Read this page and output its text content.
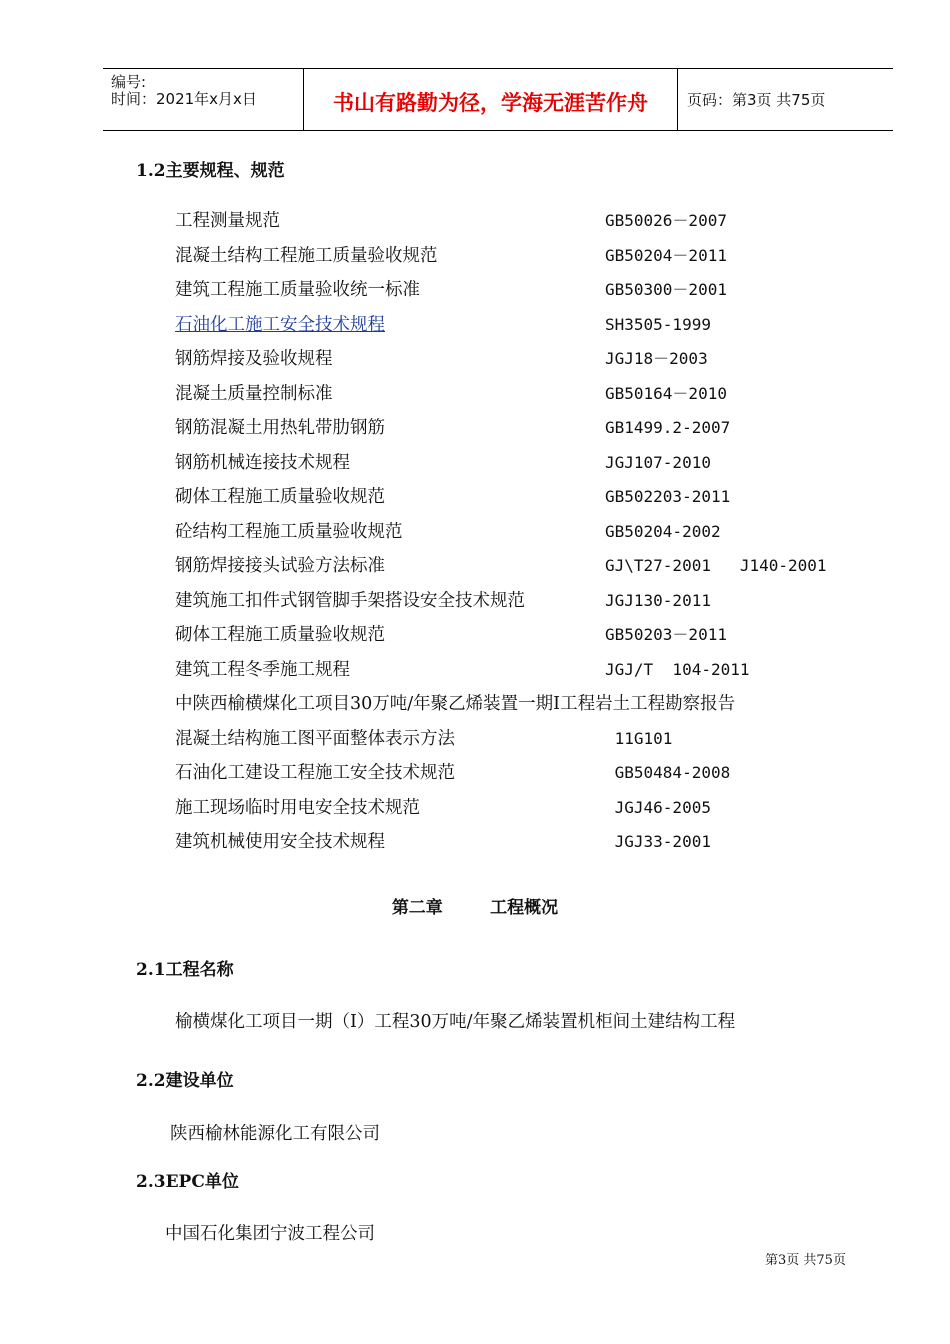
编号:
时间：2021年x月x日	书山有路勤为径，学海无涯苦作舟	页码：第3页 共75页
1.2主要规程、规范
工程测量规范	GB50026－2007
混凝土结构工程施工质量验收规范	GB50204－2011
建筑工程施工质量验收统一标准	GB50300－2001
石油化工施工安全技术规程	SH3505-1999
钢筋焊接及验收规程	JGJ18－2003
混凝土质量控制标准	GB50164－2010
钢筋混凝土用热轧带肋钢筋	GB1499.2-2007
钢筋机械连接技术规程	JGJ107-2010
砌体工程施工质量验收规范	GB502203-2011
砼结构工程施工质量验收规范	GB50204-2002
钢筋焊接接头试验方法标准	GJ\T27-2001   J140-2001
建筑施工扣件式钢管脚手架搭设安全技术规范	JGJ130-2011
砌体工程施工质量验收规范	GB50203－2011
建筑工程冬季施工规程	JGJ/T  104-2011
中陕西榆横煤化工项目30万吨/年聚乙烯装置一期Ⅰ工程岩土工程勘察报告
混凝土结构施工图平面整体表示方法	11G101
石油化工建设工程施工安全技术规范	GB50484-2008
施工现场临时用电安全技术规范	JGJ46-2005
建筑机械使用安全技术规程	JGJ33-2001
第二章        工程概况
2.1工程名称
榆横煤化工项目一期（I）工程30万吨/年聚乙烯装置机柜间土建结构工程
2.2建设单位
陕西榆林能源化工有限公司
2.3EPC单位
中国石化集团宁波工程公司
第3页 共75页
